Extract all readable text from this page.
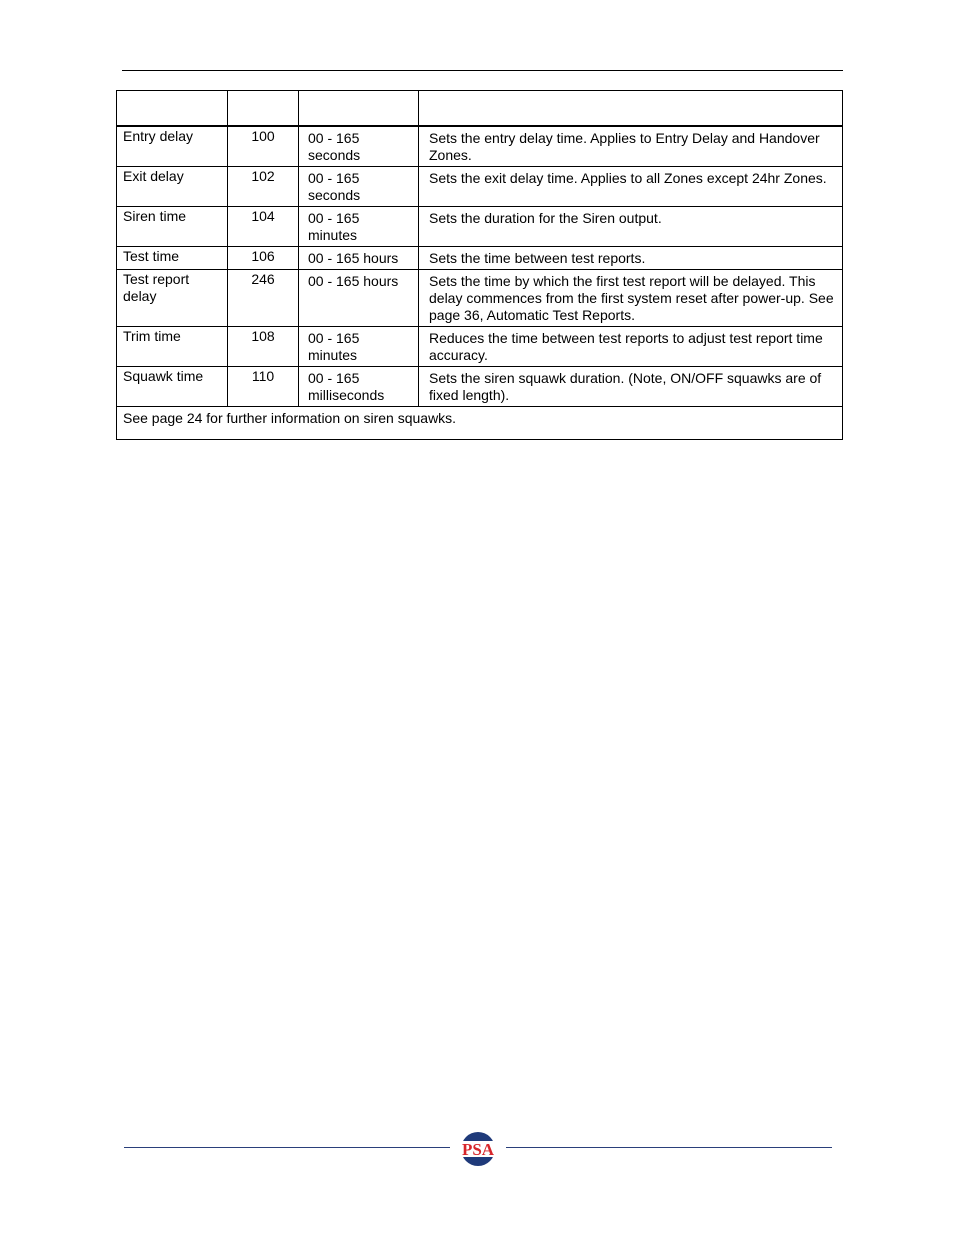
Entry delay	100	00 - 165 seconds	Sets the entry delay time. Applies to Entry Delay and Handover Zones.
Exit delay	102	00 - 165 seconds	Sets the exit delay time. Applies to all Zones except 24hr Zones.
Siren time	104	00 - 165 minutes	Sets the duration for the Siren output.
Test time	106	00 - 165 hours	Sets the time between test reports.
Test report delay	246	00 - 165 hours	Sets the time by which the first test report will be delayed. This delay commences from the first system reset after power-up. See page 36, Automatic Test Reports.
Trim time	108	00 - 165 minutes	Reduces the time between test reports to adjust test report time accuracy.
Squawk time	110	00 - 165 milliseconds	Sets the siren squawk duration. (Note, ON/OFF squawks are of fixed length).
See page 24 for further information on siren squawks.			
PSA
